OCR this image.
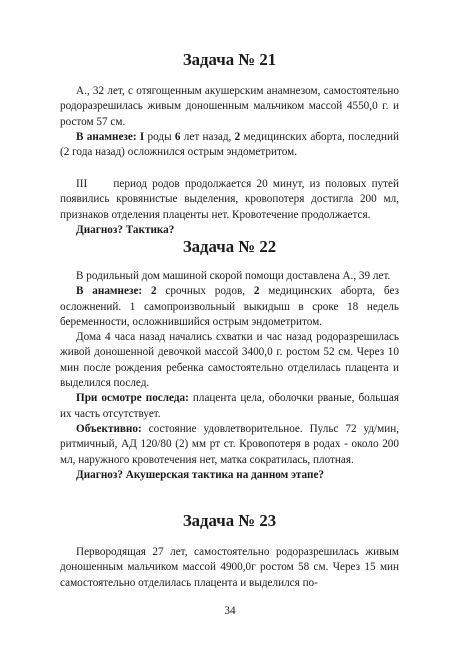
Задача № 21

А., 32 лет, с отягощенным акушерским анамнезом, самостоятельно родоразрешилась живым доношенным мальчиком массой 4550,0 г. и ростом 57 см.

В анамнезе: I роды 6 лет назад, 2 медицинских аборта, последний (2 года назад) осложнился острым эндометритом.

III     период родов продолжается 20 минут, из половых путей появились кровянистые выделения, кровопотеря достигла 200 мл, признаков отделения плаценты нет. Кровотечение продолжается.

Диагноз? Тактика?

Задача № 22

В родильный дом машиной скорой помощи доставлена А., 39 лет.

В анамнезе: 2 срочных родов, 2 медицинских аборта, без осложнений. 1 самопроизвольный выкидыш в сроке 18 недель беременности, осложнившийся острым эндометритом.

Дома 4 часа назад начались схватки и час назад родоразрешилась живой доношенной девочкой массой 3400,0 г. ростом 52 см. Через 10 мин после рождения ребенка самостоятельно отделилась плацента и выделился послед.

При осмотре последа: плацента цела, оболочки рваные, большая их часть отсутствует.

Объективно: состояние удовлетворительное. Пульс 72 уд/мин, ритмичный, АД 120/80 (2) мм рт ст. Кровопотеря в родах - около 200 мл, наружного кровотечения нет, матка сократилась, плотная.

Диагноз? Акушерская тактика на данном этапе?

Задача № 23

Первородящая 27 лет, самостоятельно родоразрешилась живым доношенным мальчиком массой 4900,0г ростом 58 см. Через 15 мин самостоятельно отделилась плацента и выделился по-

34
